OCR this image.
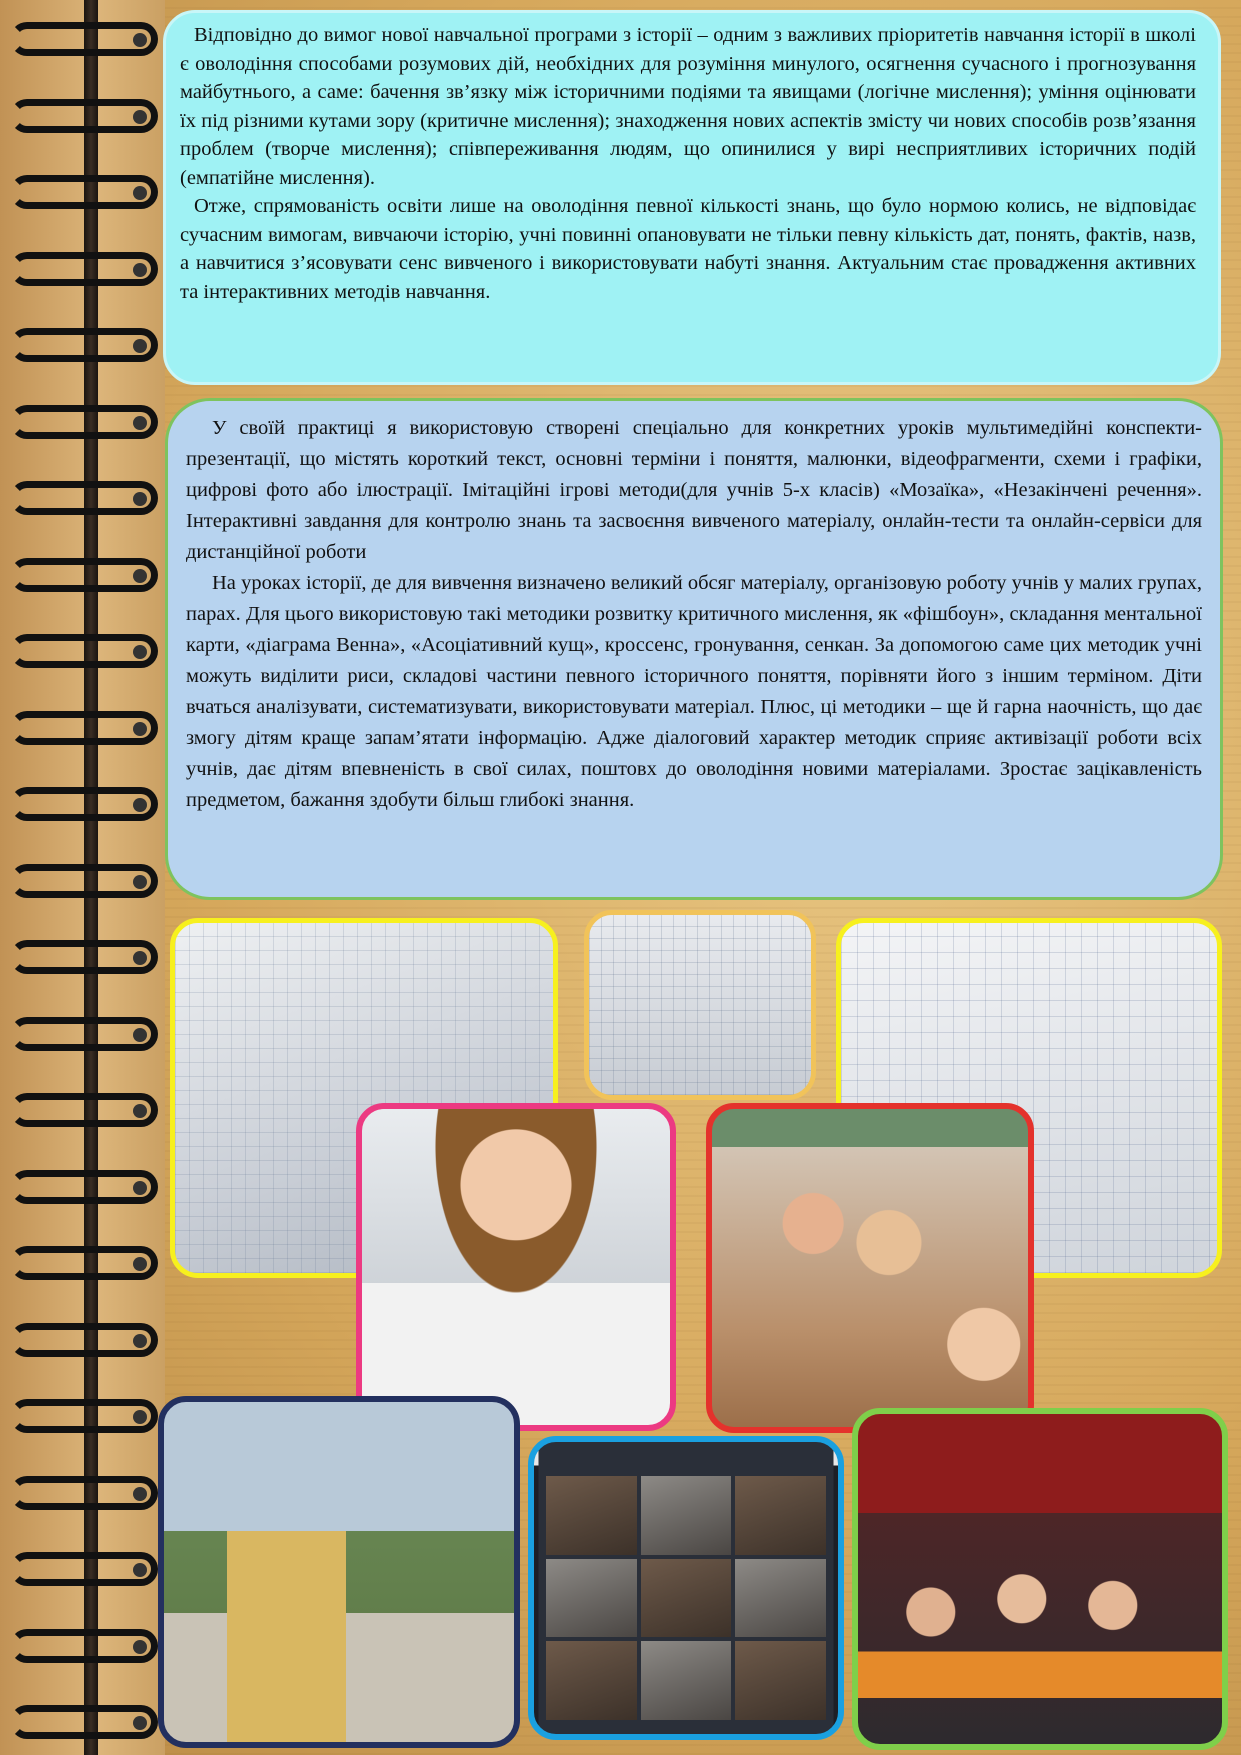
Відповідно до вимог нової навчальної програми з історії – одним з важливих пріоритетів навчання історії в школі є оволодіння способами розумових дій, необхідних для розуміння минулого, осягнення сучасного і прогнозування майбутнього, а саме: бачення зв’язку між історичними подіями та явищами (логічне мислення); уміння оцінювати їх під різними кутами зору (критичне мислення); знаходження нових аспектів змісту чи нових способів розв’язання проблем (творче мислення); співпереживання людям, що опинилися у вирі несприятливих історичних подій (емпатійне мислення).

Отже, спрямованість освіти лише на оволодіння певної кількості знань, що було нормою колись, не відповідає сучасним вимогам, вивчаючи історію, учні повинні опановувати не тільки певну кількість дат, понять, фактів, назв, а навчитися з’ясовувати сенс вивченого і використовувати набуті знання. Актуальним стає провадження активних та інтерактивних методів навчання.

У своїй практиці я використовую створені спеціально для конкретних уроків мультимедійні конспекти-презентації, що містять короткий текст, основні терміни і поняття, малюнки, відеофрагменти, схеми і графіки, цифрові фото або ілюстрації. Імітаційні ігрові методи(для учнів 5-х класів) «Мозаїка», «Незакінчені речення». Інтерактивні завдання для контролю знань та засвоєння вивченого матеріалу, онлайн-тести та онлайн-сервіси для дистанційної роботи

На уроках історії, де для вивчення визначено великий обсяг матеріалу, організовую роботу учнів у малих групах, парах. Для цього використовую такі методики розвитку критичного мислення, як «фішбоун», складання ментальної карти, «діаграма Венна», «Асоціативний кущ», кроссенс, гронування, сенкан. За допомогою саме цих методик учні можуть виділити риси, складові частини певного історичного поняття, порівняти його з іншим терміном. Діти вчаться аналізувати, систематизувати, використовувати матеріал. Плюс, ці методики – ще й гарна наочність, що дає змогу дітям краще запам’ятати інформацію. Адже діалоговий характер методик сприяє активізації роботи всіх учнів, дає дітям впевненість в свої силах, поштовх до оволодіння новими матеріалами. Зростає зацікавленість предметом, бажання здобути більш глибокі знання.
